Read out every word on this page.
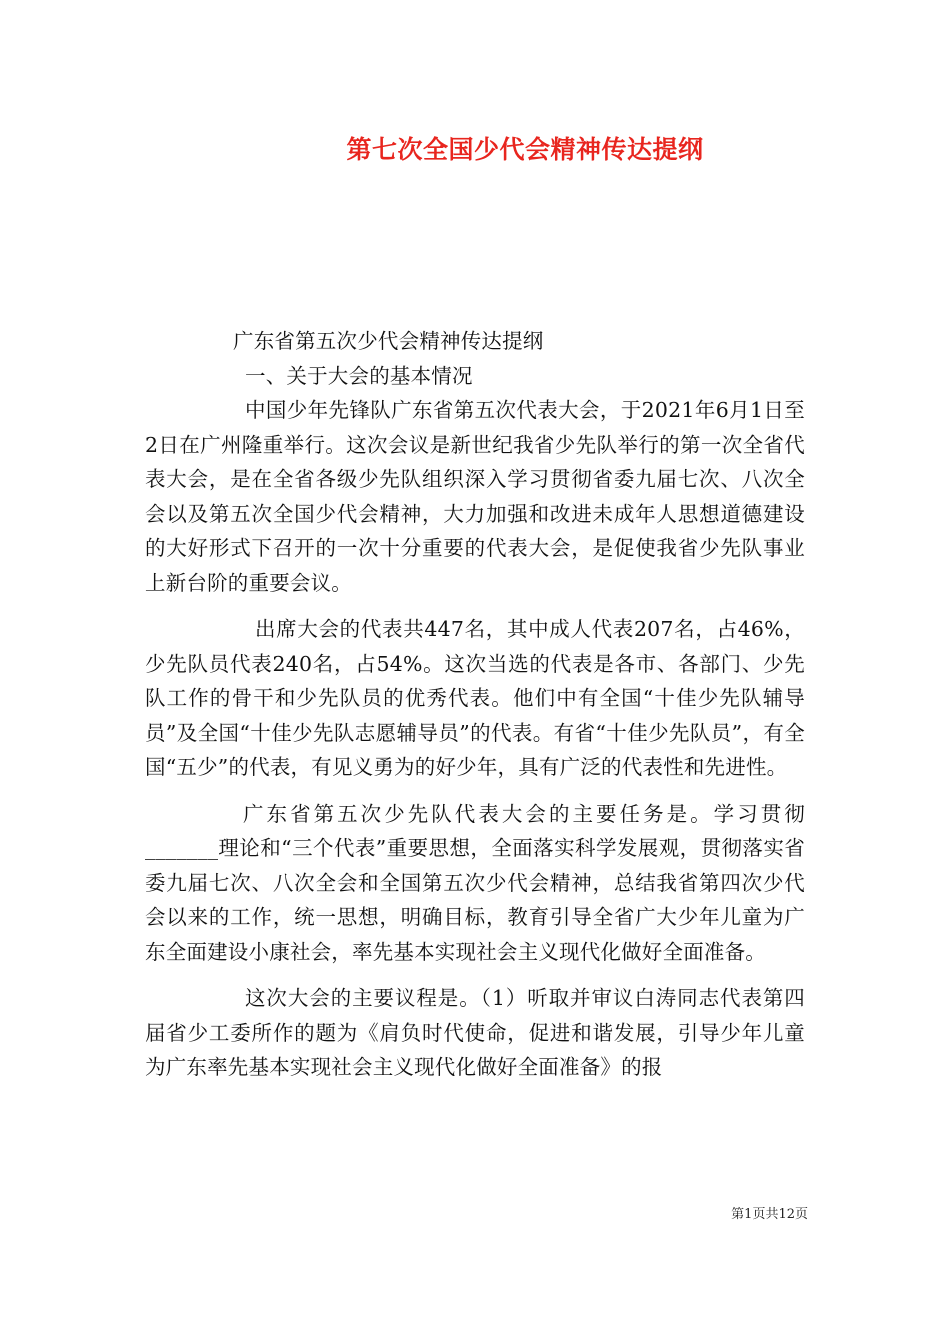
第七次全国少代会精神传达提纲

广东省第五次少代会精神传达提纲

一、关于大会的基本情况

中国少年先锋队广东省第五次代表大会，于2021年6月1日至2日在广州隆重举行。这次会议是新世纪我省少先队举行的第一次全省代表大会，是在全省各级少先队组织深入学习贯彻省委九届七次、八次全会以及第五次全国少代会精神，大力加强和改进未成年人思想道德建设的大好形式下召开的一次十分重要的代表大会，是促使我省少先队事业上新台阶的重要会议。

出席大会的代表共447名，其中成人代表207名，占46%，少先队员代表240名，占54%。这次当选的代表是各市、各部门、少先队工作的骨干和少先队员的优秀代表。他们中有全国“十佳少先队辅导员”及全国“十佳少先队志愿辅导员”的代表。有省“十佳少先队员”，有全国“五少”的代表，有见义勇为的好少年，具有广泛的代表性和先进性。

广东省第五次少先队代表大会的主要任务是。学习贯彻_______理论和“三个代表”重要思想，全面落实科学发展观，贯彻落实省委九届七次、八次全会和全国第五次少代会精神，总结我省第四次少代会以来的工作，统一思想，明确目标，教育引导全省广大少年儿童为广东全面建设小康社会，率先基本实现社会主义现代化做好全面准备。

这次大会的主要议程是。（1）听取并审议白涛同志代表第四届省少工委所作的题为《肩负时代使命，促进和谐发展，引导少年儿童为广东率先基本实现社会主义现代化做好全面准备》的报

第1页共12页
